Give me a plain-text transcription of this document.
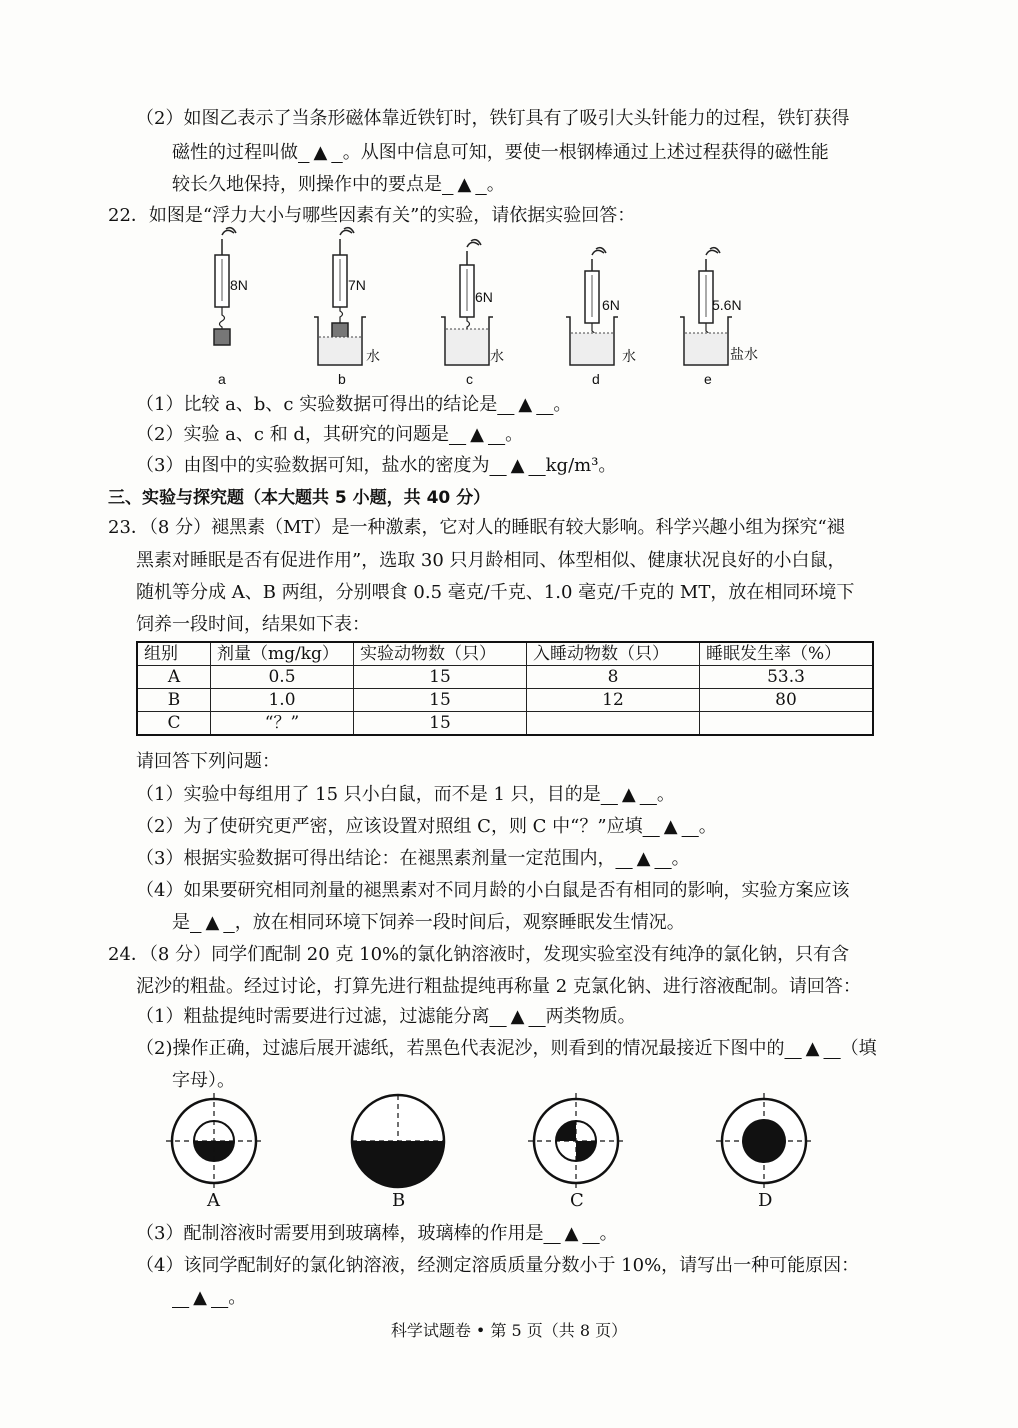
（2）如图乙表示了当条形磁体靠近铁钉时，铁钉具有了吸引大头针能力的过程，铁钉获得
磁性的过程叫做 ▲ 。从图中信息可知，要使一根钢棒通过上述过程获得的磁性能
较长久地保持，则操作中的要点是 ▲ 。
22．如图是“浮力大小与哪些因素有关”的实验，请依据实验回答：
8N	7N
6N	6N	5.6N
水	水	水	盐水
a	b	c	d	e
（1）比较 a、b、c 实验数据可得出的结论是 ▲ 。
（2）实验 a、c 和 d，其研究的问题是 ▲ 。
（3）由图中的实验数据可知，盐水的密度为 ▲ kg/m³。
三、实验与探究题（本大题共 5 小题，共 40 分）
23．（8 分）褪黑素（MT）是一种激素，它对人的睡眠有较大影响。科学兴趣小组为探究“褪
黑素对睡眠是否有促进作用”，选取 30 只月龄相同、体型相似、健康状况良好的小白鼠，
随机等分成 A、B 两组，分别喂食 0.5 毫克/千克、1.0 毫克/千克的 MT，放在相同环境下
饲养一段时间，结果如下表：
组别	剂量（mg/kg）	实验动物数（只）	入睡动物数（只）	睡眠发生率（%）
A	0.5	15	8	53.3
B	1.0	15	12	80
C	“？”	15		
请回答下列问题：
（1）实验中每组用了 15 只小白鼠，而不是 1 只，目的是 ▲ 。
（2）为了使研究更严密，应该设置对照组 C，则 C 中“？”应填 ▲ 。
（3）根据实验数据可得出结论：在褪黑素剂量一定范围内， ▲ 。
（4）如果要研究相同剂量的褪黑素对不同月龄的小白鼠是否有相同的影响，实验方案应该
是 ▲ ，放在相同环境下饲养一段时间后，观察睡眠发生情况。
24．（8 分）同学们配制 20 克 10%的氯化钠溶液时，发现实验室没有纯净的氯化钠，只有含
泥沙的粗盐。经过讨论，打算先进行粗盐提纯再称量 2 克氯化钠、进行溶液配制。请回答：
（1）粗盐提纯时需要进行过滤，过滤能分离 ▲ 两类物质。
（2)操作正确，过滤后展开滤纸，若黑色代表泥沙，则看到的情况最接近下图中的 ▲ （填
字母）。
A	B	C	D
（3）配制溶液时需要用到玻璃棒，玻璃棒的作用是 ▲ 。
（4）该同学配制好的氯化钠溶液，经测定溶质质量分数小于 10%，请写出一种可能原因：
▲ 。
科学试题卷 • 第 5 页（共 8 页）
